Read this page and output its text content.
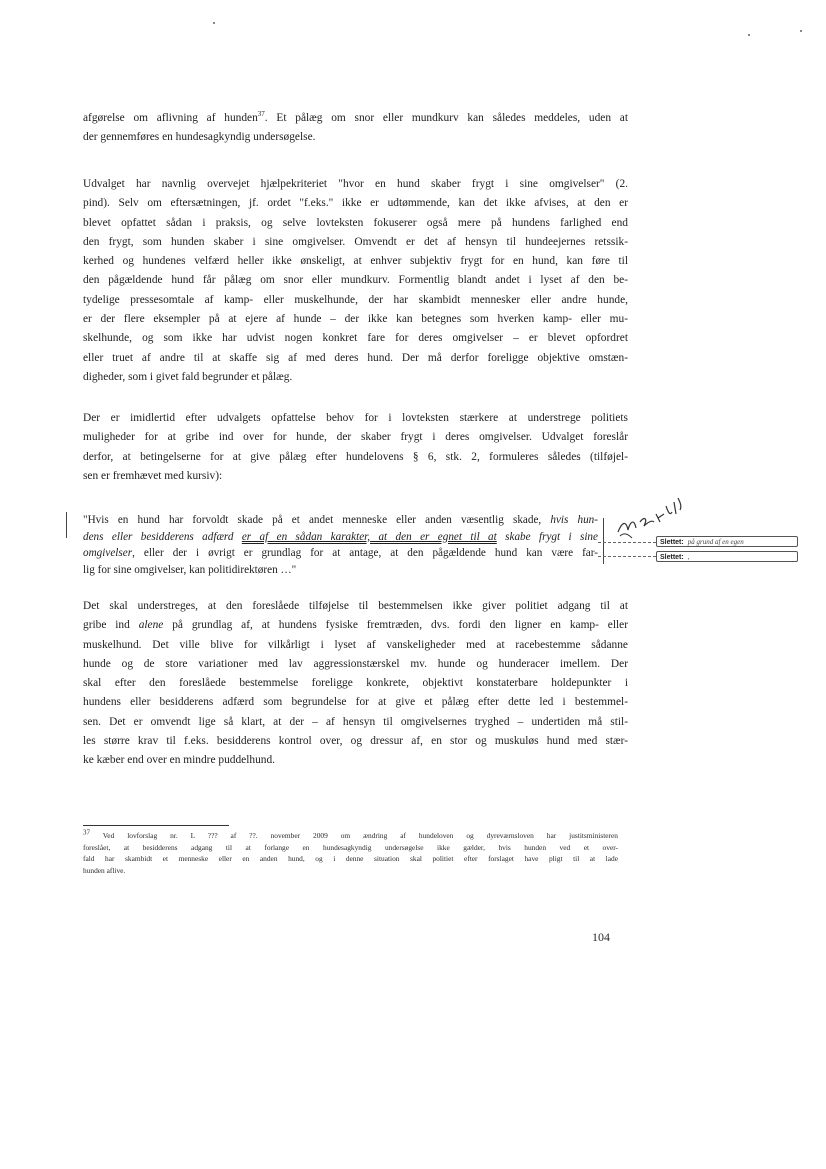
afgørelse om aflivning af hunden$^{37}$. Et pålæg om snor eller mundkurv kan således meddeles, uden at
der gennemføres en hundesagkyndig undersøgelse.
Udvalget har navnlig overvejet hjælpekriteriet "hvor en hund skaber frygt i sine omgivelser" (2.
pind). Selv om eftersætningen, jf. ordet "f.eks." ikke er udtømmende, kan det ikke afvises, at den er
blevet opfattet sådan i praksis, og selve lovteksten fokuserer også mere på hundens farlighed end
den frygt, som hunden skaber i sine omgivelser. Omvendt er det af hensyn til hundeejernes retssik-
kerhed og hundenes velfærd heller ikke ønskeligt, at enhver subjektiv frygt for en hund, kan føre til
den pågældende hund får pålæg om snor eller mundkurv. Formentlig blandt andet i lyset af den be-
tydelige pressesomtale af kamp- eller muskelhunde, der har skambidt mennesker eller andre hunde,
er der flere eksempler på at ejere af hunde – der ikke kan betegnes som hverken kamp- eller mu-
skelhunde, og som ikke har udvist nogen konkret fare for deres omgivelser – er blevet opfordret
eller truet af andre til at skaffe sig af med deres hund. Der må derfor foreligge objektive omstæn-
digheder, som i givet fald begrunder et pålæg.
Der er imidlertid efter udvalgets opfattelse behov for i lovteksten stærkere at understrege politiets
muligheder for at gribe ind over for hunde, der skaber frygt i deres omgivelser. Udvalget foreslår
derfor, at betingelserne for at give pålæg efter hundelovens § 6, stk. 2, formuleres således (tilføjel-
sen er fremhævet med kursiv):
"Hvis en hund har forvoldt skade på et andet menneske eller anden væsentlig skade, hvis hun-
dens eller besidderens adfærd er af en sådan karakter, at den er egnet til at skabe frygt i sine
omgivelser, eller der i øvrigt er grundlag for at antage, at den pågældende hund kan være far-
lig for sine omgivelser, kan politidirektøren …"
Slettet: på grund af en egen
Slettet: ,
Det skal understreges, at den foreslåede tilføjelse til bestemmelsen ikke giver politiet adgang til at
gribe ind alene på grundlag af, at hundens fysiske fremtræden, dvs. fordi den ligner en kamp- eller
muskelhund. Det ville blive for vilkårligt i lyset af vanskeligheder med at racebestemme sådanne
hunde og de store variationer med lav aggressionstærskel mv. hunde og hunderacer imellem. Der
skal efter den foreslåede bestemmelse foreligge konkrete, objektivt konstaterbare holdepunkter i
hundens eller besidderens adfærd som begrundelse for at give et pålæg efter dette led i bestemmel-
sen. Det er omvendt lige så klart, at der – af hensyn til omgivelsernes tryghed – undertiden må stil-
les større krav til f.eks. besidderens kontrol over, og dressur af, en stor og muskuløs hund med stær-
ke kæber end over en mindre puddelhund.
$^{37}$ Ved lovforslag nr. L ??? af ??. november 2009 om ændring af hundeloven og dyreværnsloven har justitsministeren
foreslået, at besidderens adgang til at forlange en hundesagkyndig undersøgelse ikke gælder, hvis hunden ved et over-
fald har skambidt et menneske eller en anden hund, og i denne situation skal politiet efter forslaget have pligt til at lade
hunden aflive.
104
